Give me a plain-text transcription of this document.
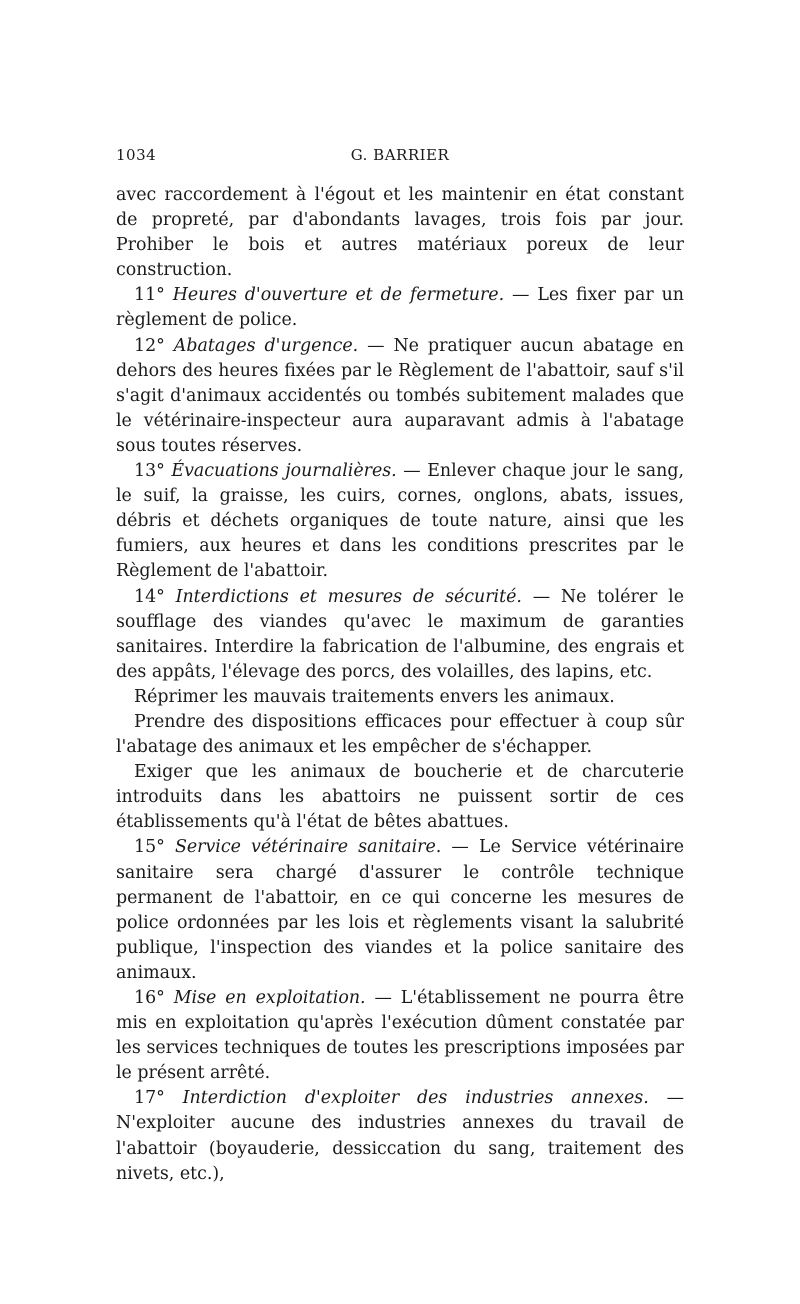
1034	G. BARRIER

avec raccordement à l'égout et les maintenir en état constant de propreté, par d'abondants lavages, trois fois par jour. Prohiber le bois et autres matériaux poreux de leur construction.

11° Heures d'ouverture et de fermeture. — Les fixer par un règlement de police.

12° Abatages d'urgence. — Ne pratiquer aucun abatage en dehors des heures fixées par le Règlement de l'abattoir, sauf s'il s'agit d'animaux accidentés ou tombés subitement malades que le vétérinaire-inspecteur aura auparavant admis à l'abatage sous toutes réserves.

13° Évacuations journalières. — Enlever chaque jour le sang, le suif, la graisse, les cuirs, cornes, onglons, abats, issues, débris et déchets organiques de toute nature, ainsi que les fumiers, aux heures et dans les conditions prescrites par le Règlement de l'abattoir.

14° Interdictions et mesures de sécurité. — Ne tolérer le soufflage des viandes qu'avec le maximum de garanties sanitaires. Interdire la fabrication de l'albumine, des engrais et des appâts, l'élevage des porcs, des volailles, des lapins, etc.

Réprimer les mauvais traitements envers les animaux.

Prendre des dispositions efficaces pour effectuer à coup sûr l'abatage des animaux et les empêcher de s'échapper.

Exiger que les animaux de boucherie et de charcuterie introduits dans les abattoirs ne puissent sortir de ces établissements qu'à l'état de bêtes abattues.

15° Service vétérinaire sanitaire. — Le Service vétérinaire sanitaire sera chargé d'assurer le contrôle technique permanent de l'abattoir, en ce qui concerne les mesures de police ordonnées par les lois et règlements visant la salubrité publique, l'inspection des viandes et la police sanitaire des animaux.

16° Mise en exploitation. — L'établissement ne pourra être mis en exploitation qu'après l'exécution dûment constatée par les services techniques de toutes les prescriptions imposées par le présent arrêté.

17° Interdiction d'exploiter des industries annexes. — N'exploiter aucune des industries annexes du travail de l'abattoir (boyauderie, dessiccation du sang, traitement des nivets, etc.),
